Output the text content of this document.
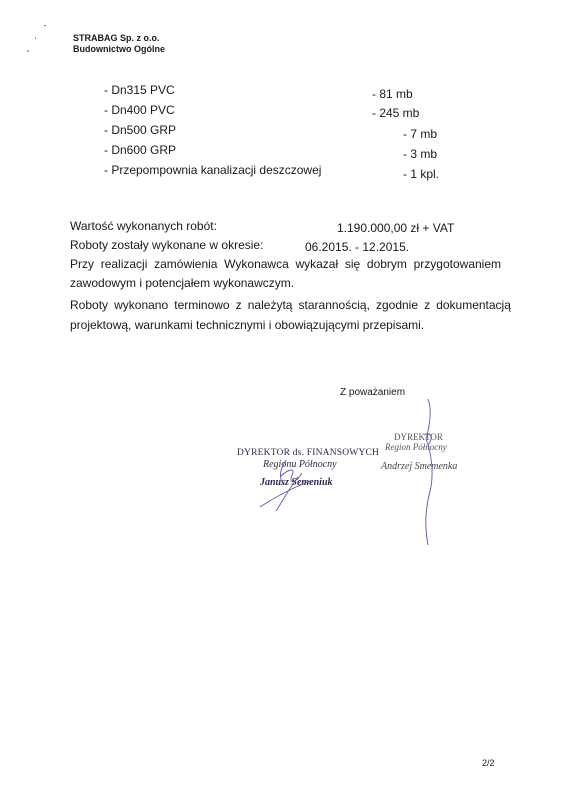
STRABAG Sp. z o.o.
Budownictwo Ogólne
- Dn315 PVC
- Dn400 PVC
- Dn500 GRP
- Dn600 GRP
- Przepompownia kanalizacji deszczowej
- 81 mb
- 245 mb
- 7 mb
- 3 mb
- 1 kpl.
Wartość wykonanych robót:	1.190.000,00 zł + VAT
Roboty zostały wykonane w okresie:	06.2015. - 12.2015.
Przy realizacji zamówienia Wykonawca wykazał się dobrym przygotowaniem
zawodowym i potencjałem wykonawczym.
Roboty wykonano terminowo z należytą starannością, zgodnie z dokumentacją
projektową, warunkami technicznymi i obowiązującymi przepisami.
Z poważaniem
DYREKTOR ds. FINANSOWYCH
Regionu Północny
Janusz Semeniuk
DYREKTOR
Region Północny
Andrzej Smemenka
2/2
